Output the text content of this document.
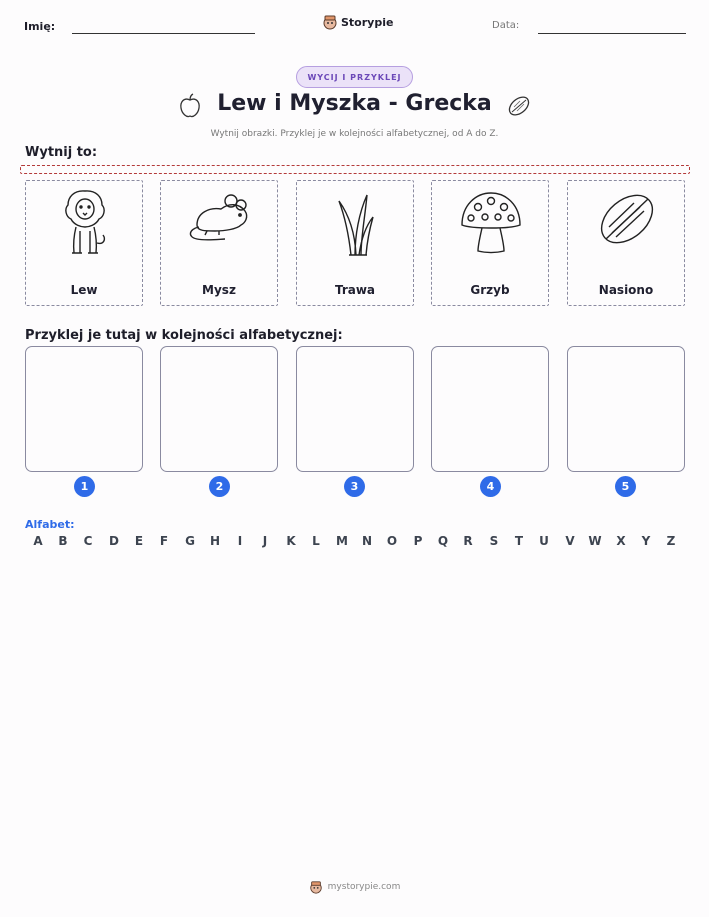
Imię:	Storypie	Data:
WYCIJ I PRZYKLEJ
Lew i Myszka - Grecka
Wytnij obrazki. Przyklej je w kolejności alfabetycznej, od A do Z.
Wytnij to:
Lew	Mysz	Trawa	Grzyb	Nasiono
Przyklej je tutaj w kolejności alfabetycznej:
1	2	3	4	5
Alfabet:
A	B	C	D	E	F	G	H	I	J	K	L	M	N	O	P	Q	R	S	T	U	V	W	X	Y	Z
mystorypie.com
